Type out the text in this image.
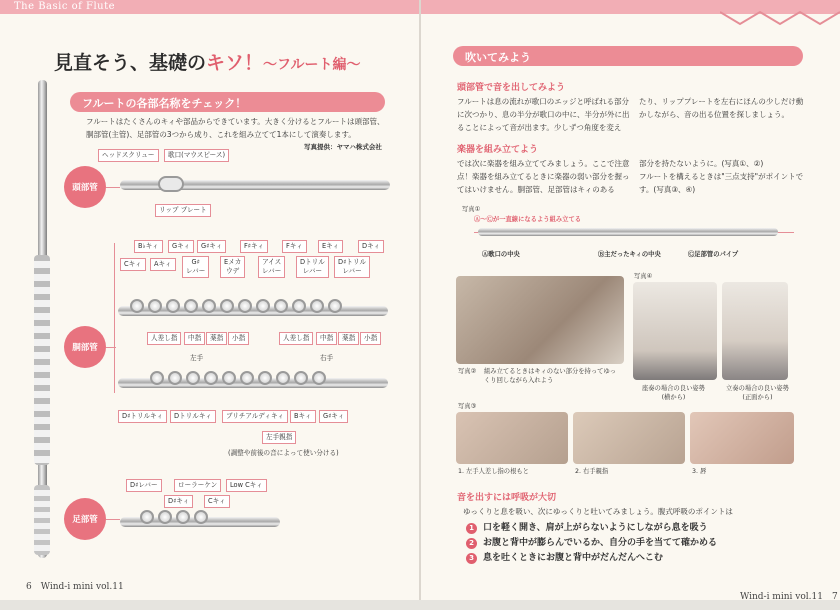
The Basic of Flute
見直そう、基礎のキソ！〜フルート編〜
フルートの各部名称をチェック！
フルートはたくさんのキィや部品からできています。大きく分けるとフルートは頭部管、胴部管(主管)、足部管の3つから成り、これを組み立てて1本にして演奏します。
写真提供：ヤマハ株式会社
頭部管
ヘッドスクリュー	歌口(マウスピース)
リップ プレート
胴部管
B♭キィ	Gキィ	G♯キィ	F♯キィ	Fキィ	Eキィ	Dキィ
Cキィ	Aキィ	G♯
レバー
Eメカ
ウデ
アイス
レバー
Dトリル
レバー
D♯トリル
レバー
人差し指	中指	薬指	小指	人差し指	中指	薬指	小指
左手	右手
D♯トリルキィ	Dトリルキィ	ブリチアルディキィ	Bキィ	G♯キィ
左手親指
(調整や前後の音によって使い分ける)
足部管
D♯レバー	ローラーケン	Low Cキィ
D♯キィ	Cキィ
6　 Wind-i mini vol.11
吹いてみよう
頭部管で音を出してみよう
フルートは息の流れが歌口のエッジと呼ばれる部分に次つかり、息の半分が歌口の中に、半分が外に出ることによって音が出ます。少しずつ角度を変え
たり、リッププレートを左右にほんの少しだけ動かしながら、音の出る位置を探しましょう。
楽器を組み立てよう
では次に楽器を組み立ててみましょう。ここで注意点！楽器を組み立てるときに楽器の弱い部分を握ってはいけません。胴部管、足部管はキィのある
部分を持たないように。(写真①、②)
フルートを構えるときは"三点支持"がポイントです。(写真③、④)
写真①
Ⓐ〜Ⓒが一直線になるよう組み立てる
Ⓐ歌口の中央	Ⓑ主だったキィの中央	Ⓒ足部管のパイプ
写真② 組み立てるときはキィのない部分を持ってゆっくり回しながら入れよう
写真④
座奏の場合の良い姿勢
(横から)
立奏の場合の良い姿勢
(正面から)
写真③
1. 左手人差し指の根もと	2. 右手親指	3. 唇
音を出すには呼吸が大切
ゆっくりと息を吸い、次にゆっくりと吐いてみましょう。腹式呼吸のポイントは
1 口を軽く開き、肩が上がらないようにしながら息を吸う
2 お腹と背中が膨らんでいるか、自分の手を当てて確かめる
3 息を吐くときにお腹と背中がだんだんへこむ
Wind-i mini vol.11　 7
